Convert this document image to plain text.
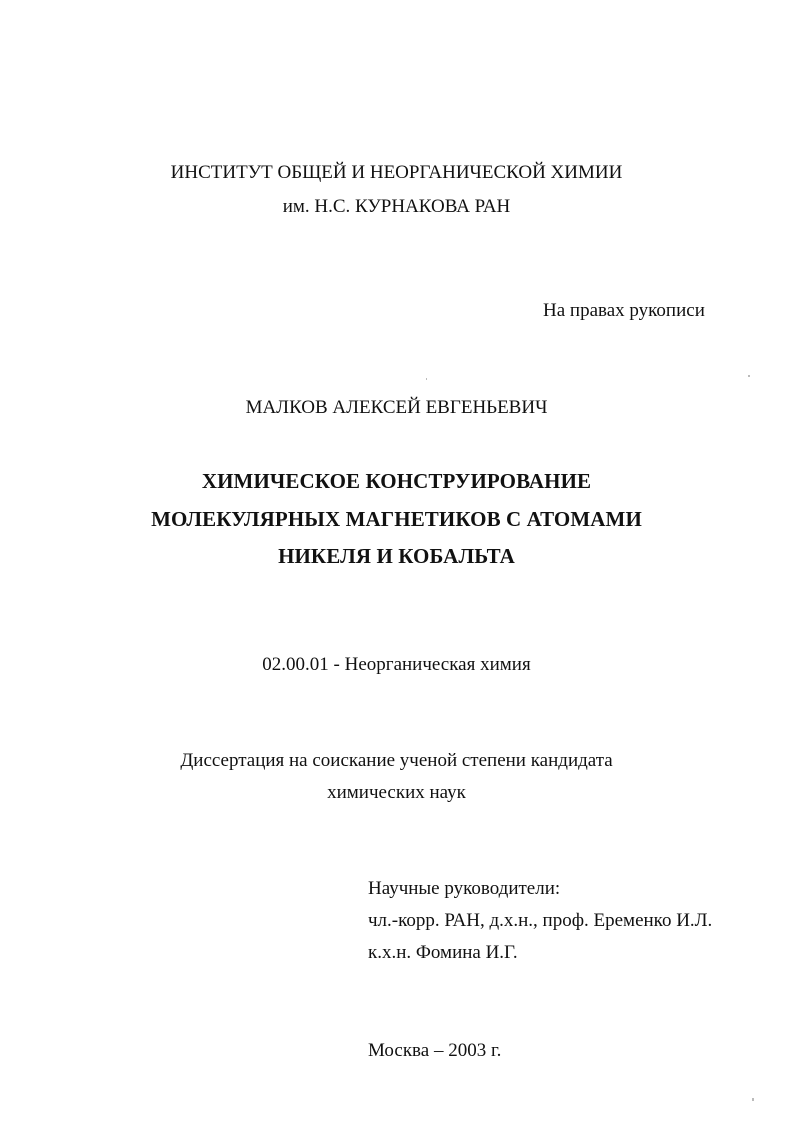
ИНСТИТУТ ОБЩЕЙ И НЕОРГАНИЧЕСКОЙ ХИМИИ
им. Н.С. КУРНАКОВА РАН
На правах рукописи
МАЛКОВ АЛЕКСЕЙ ЕВГЕНЬЕВИЧ
ХИМИЧЕСКОЕ КОНСТРУИРОВАНИЕ
МОЛЕКУЛЯРНЫХ МАГНЕТИКОВ С АТОМАМИ
НИКЕЛЯ И КОБАЛЬТА
02.00.01 - Неорганическая химия
Диссертация на соискание ученой степени кандидата
химических наук
Научные руководители:
чл.-корр. РАН, д.х.н., проф. Еременко И.Л.
к.х.н. Фомина И.Г.
Москва – 2003 г.
